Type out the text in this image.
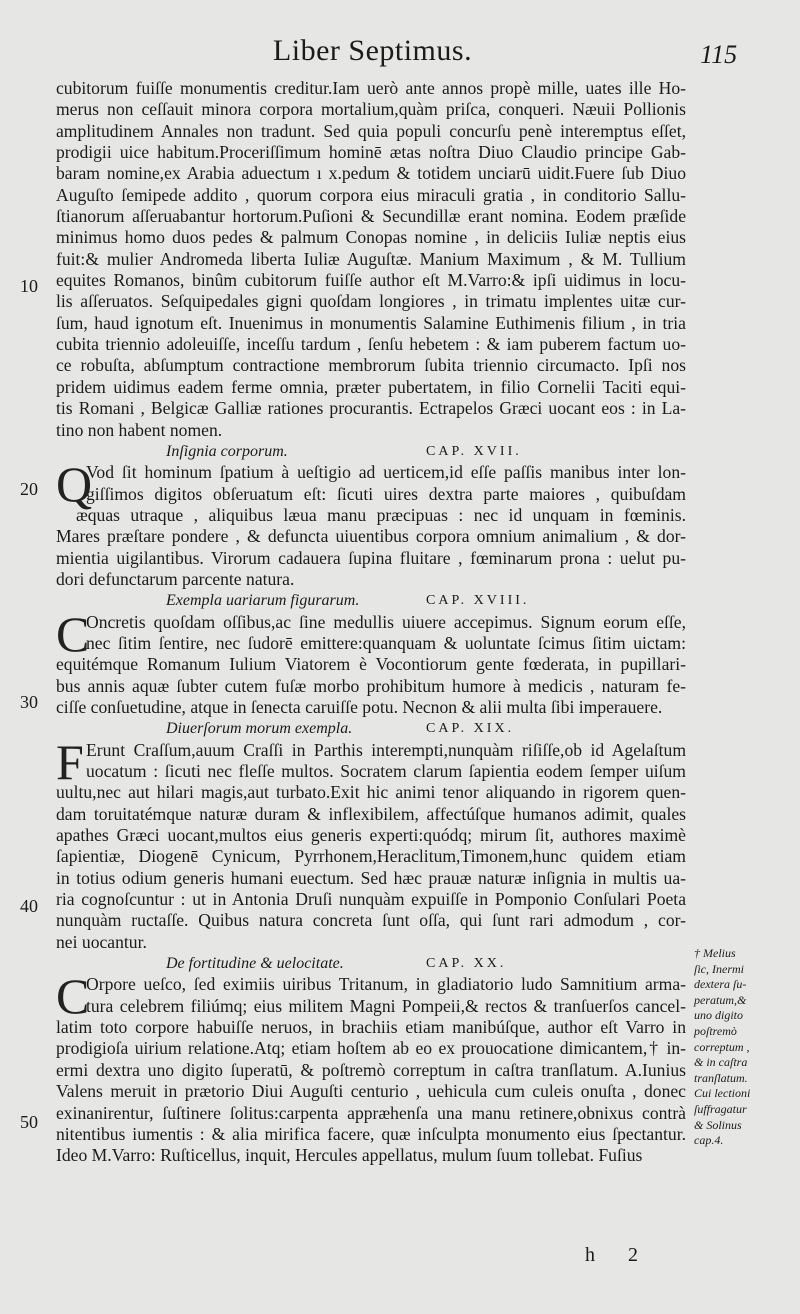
Liber Septimus.	115
10
20
30
40
50
cubitorum fuiſſe monumentis creditur.Iam uerò ante annos propè mille, uates ille Ho-
merus non ceſſauit minora corpora mortalium,quàm priſca, conqueri. Næuii Pollionis
amplitudinem Annales non tradunt. Sed quia populi concurſu penè interemptus eſſet,
prodigii uice habitum.Proceriſſimum hominē ætas noſtra Diuo Claudio principe Gab-
baram nomine,ex Arabia aduectum ı x.pedum & totidem unciarū uidit.Fuere ſub Diuo
Auguſto ſemipede addito , quorum corpora eius miraculi gratia , in conditorio Sallu-
ſtianorum aſſeruabantur hortorum.Puſioni & Secundillæ erant nomina. Eodem præſide
minimus homo duos pedes & palmum Conopas nomine , in deliciis Iuliæ neptis eius
fuit:& mulier Andromeda liberta Iuliæ Auguſtæ. Manium Maximum , & M. Tullium
equites Romanos, binûm cubitorum fuiſſe author eſt M.Varro:& ipſi uidimus in locu-
lis aſſeruatos. Seſquipedales gigni quoſdam longiores , in trimatu implentes uitæ cur-
ſum, haud ignotum eſt. Inuenimus in monumentis Salamine Euthimenis filium , in tria
cubita triennio adoleuiſſe, inceſſu tardum , ſenſu hebetem : & iam puberem factum uo-
ce robuſta, abſumptum contractione membrorum ſubita triennio circumacto. Ipſi nos
pridem uidimus eadem ferme omnia, præter pubertatem, in filio Cornelii Taciti equi-
tis Romani , Belgicæ Galliæ rationes procurantis. Ectrapelos Græci uocant eos : in La-
tino non habent nomen.
Inſignia corporum.	CAP. XVII.
Q
Vod ſit hominum ſpatium à ueſtigio ad uerticem,id eſſe paſſis manibus inter lon-
giſſimos digitos obſeruatum eſt: ſicuti uires dextra parte maiores , quibuſdam
æquas utraque , aliquibus læua manu præcipuas : nec id unquam in fœminis.
Mares præſtare pondere , & defuncta uiuentibus corpora omnium animalium , & dor-
mientia uigilantibus. Virorum cadauera ſupina fluitare , fœminarum prona : uelut pu-
dori defunctarum parcente natura.
Exempla uariarum figurarum.	CAP. XVIII.
C
Oncretis quoſdam oſſibus,ac ſine medullis uiuere accepimus. Signum eorum eſſe,
nec ſitim ſentire, nec ſudorē emittere:quanquam & uoluntate ſcimus ſitim uictam:
equitémque Romanum Iulium Viatorem è Vocontiorum gente fœderata, in pupillari-
bus annis aquæ ſubter cutem fuſæ morbo prohibitum humore à medicis , naturam fe-
ciſſe conſuetudine, atque in ſenecta caruiſſe potu. Necnon & alii multa ſibi imperauere.
Diuerſorum morum exempla.	CAP. XIX.
F Erunt Craſſum,auum Craſſi in Parthis interempti,nunquàm riſiſſe,ob id Agelaſtum
uocatum : ſicuti nec fleſſe multos. Socratem clarum ſapientia eodem ſemper uiſum
uultu,nec aut hilari magis,aut turbato.Exit hic animi tenor aliquando in rigorem quen-
dam toruitatémque naturæ duram & inflexibilem, affectúſque humanos adimit, quales
apathes Græci uocant,multos eius generis experti:quódq; mirum ſit, authores maximè
ſapientiæ, Diogenē Cynicum, Pyrrhonem,Heraclitum,Timonem,hunc quidem etiam
in totius odium generis humani euectum. Sed hæc prauæ naturæ inſignia in multis ua-
ria cognoſcuntur : ut in Antonia Druſi nunquàm expuiſſe in Pomponio Conſulari Poeta
nunquàm ructaſſe. Quibus natura concreta ſunt oſſa, qui ſunt rari admodum , cor-
nei uocantur.
De fortitudine & uelocitate.	CAP. XX.
C
Orpore ueſco, ſed eximiis uiribus Tritanum, in gladiatorio ludo Samnitium arma-
tura celebrem filiúmq; eius militem Magni Pompeii,& rectos & tranſuerſos cancel-
latim toto corpore habuiſſe neruos, in brachiis etiam manibúſque, author eſt Varro in
prodigioſa uirium relatione.Atq; etiam hoſtem ab eo ex prouocatione dimicantem,† in-
ermi dextra uno digito ſuperatū, & poſtremò correptum in caſtra tranſlatum. A.Iunius
Valens meruit in prætorio Diui Auguſti centurio , uehicula cum culeis onuſta , donec
exinanirentur, ſuſtinere ſolitus:carpenta appræhenſa una manu retinere,obnixus contrà
nitentibus iumentis : & alia mirifica facere, quæ inſculpta monumento eius ſpectantur.
Ideo M.Varro: Ruſticellus, inquit, Hercules appellatus, mulum ſuum tollebat. Fuſius
† Melius
ſic, Inermi
dextera ſu-
peratum,&
uno digito
poſtremò
correptum ,
& in caſtra
tranſlatum.
Cui lectioni
ſuffragatur
& Solinus
cap.4.
h 2
